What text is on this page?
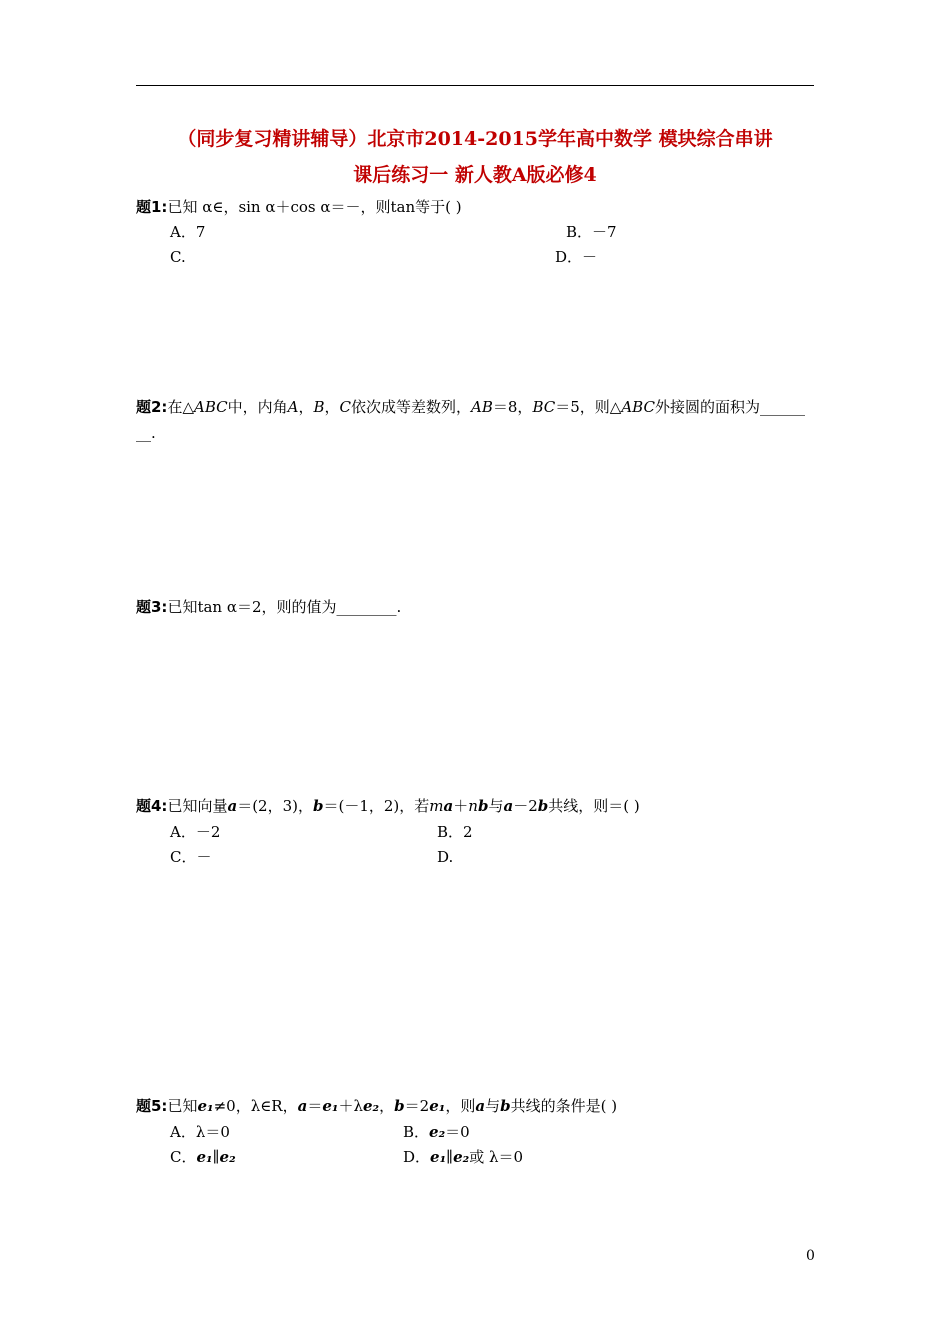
（同步复习精讲辅导）北京市2014-2015学年高中数学 模块综合串讲
课后练习一 新人教A版必修4
题1:已知 α∈，sin α＋cos α＝－，则tan等于( )
A．7	B．－7
C.	D．－
题2:在△ABC中，内角A，B，C依次成等差数列，AB＝8，BC＝5，则△ABC外接圆的面积为______
__.
题3:已知tan α＝2，则的值为________.
题4:已知向量a＝(2，3)，b＝(－1，2)，若ma＋nb与a－2b共线，则＝( )
A．－2	B．2
C．－	D.
题5:已知e₁≠0，λ∈R，a＝e₁＋λe₂，b＝2e₁，则a与b共线的条件是( )
A．λ＝0	B．e₂＝0
C．e₁∥e₂	D．e₁∥e₂或 λ＝0
0
